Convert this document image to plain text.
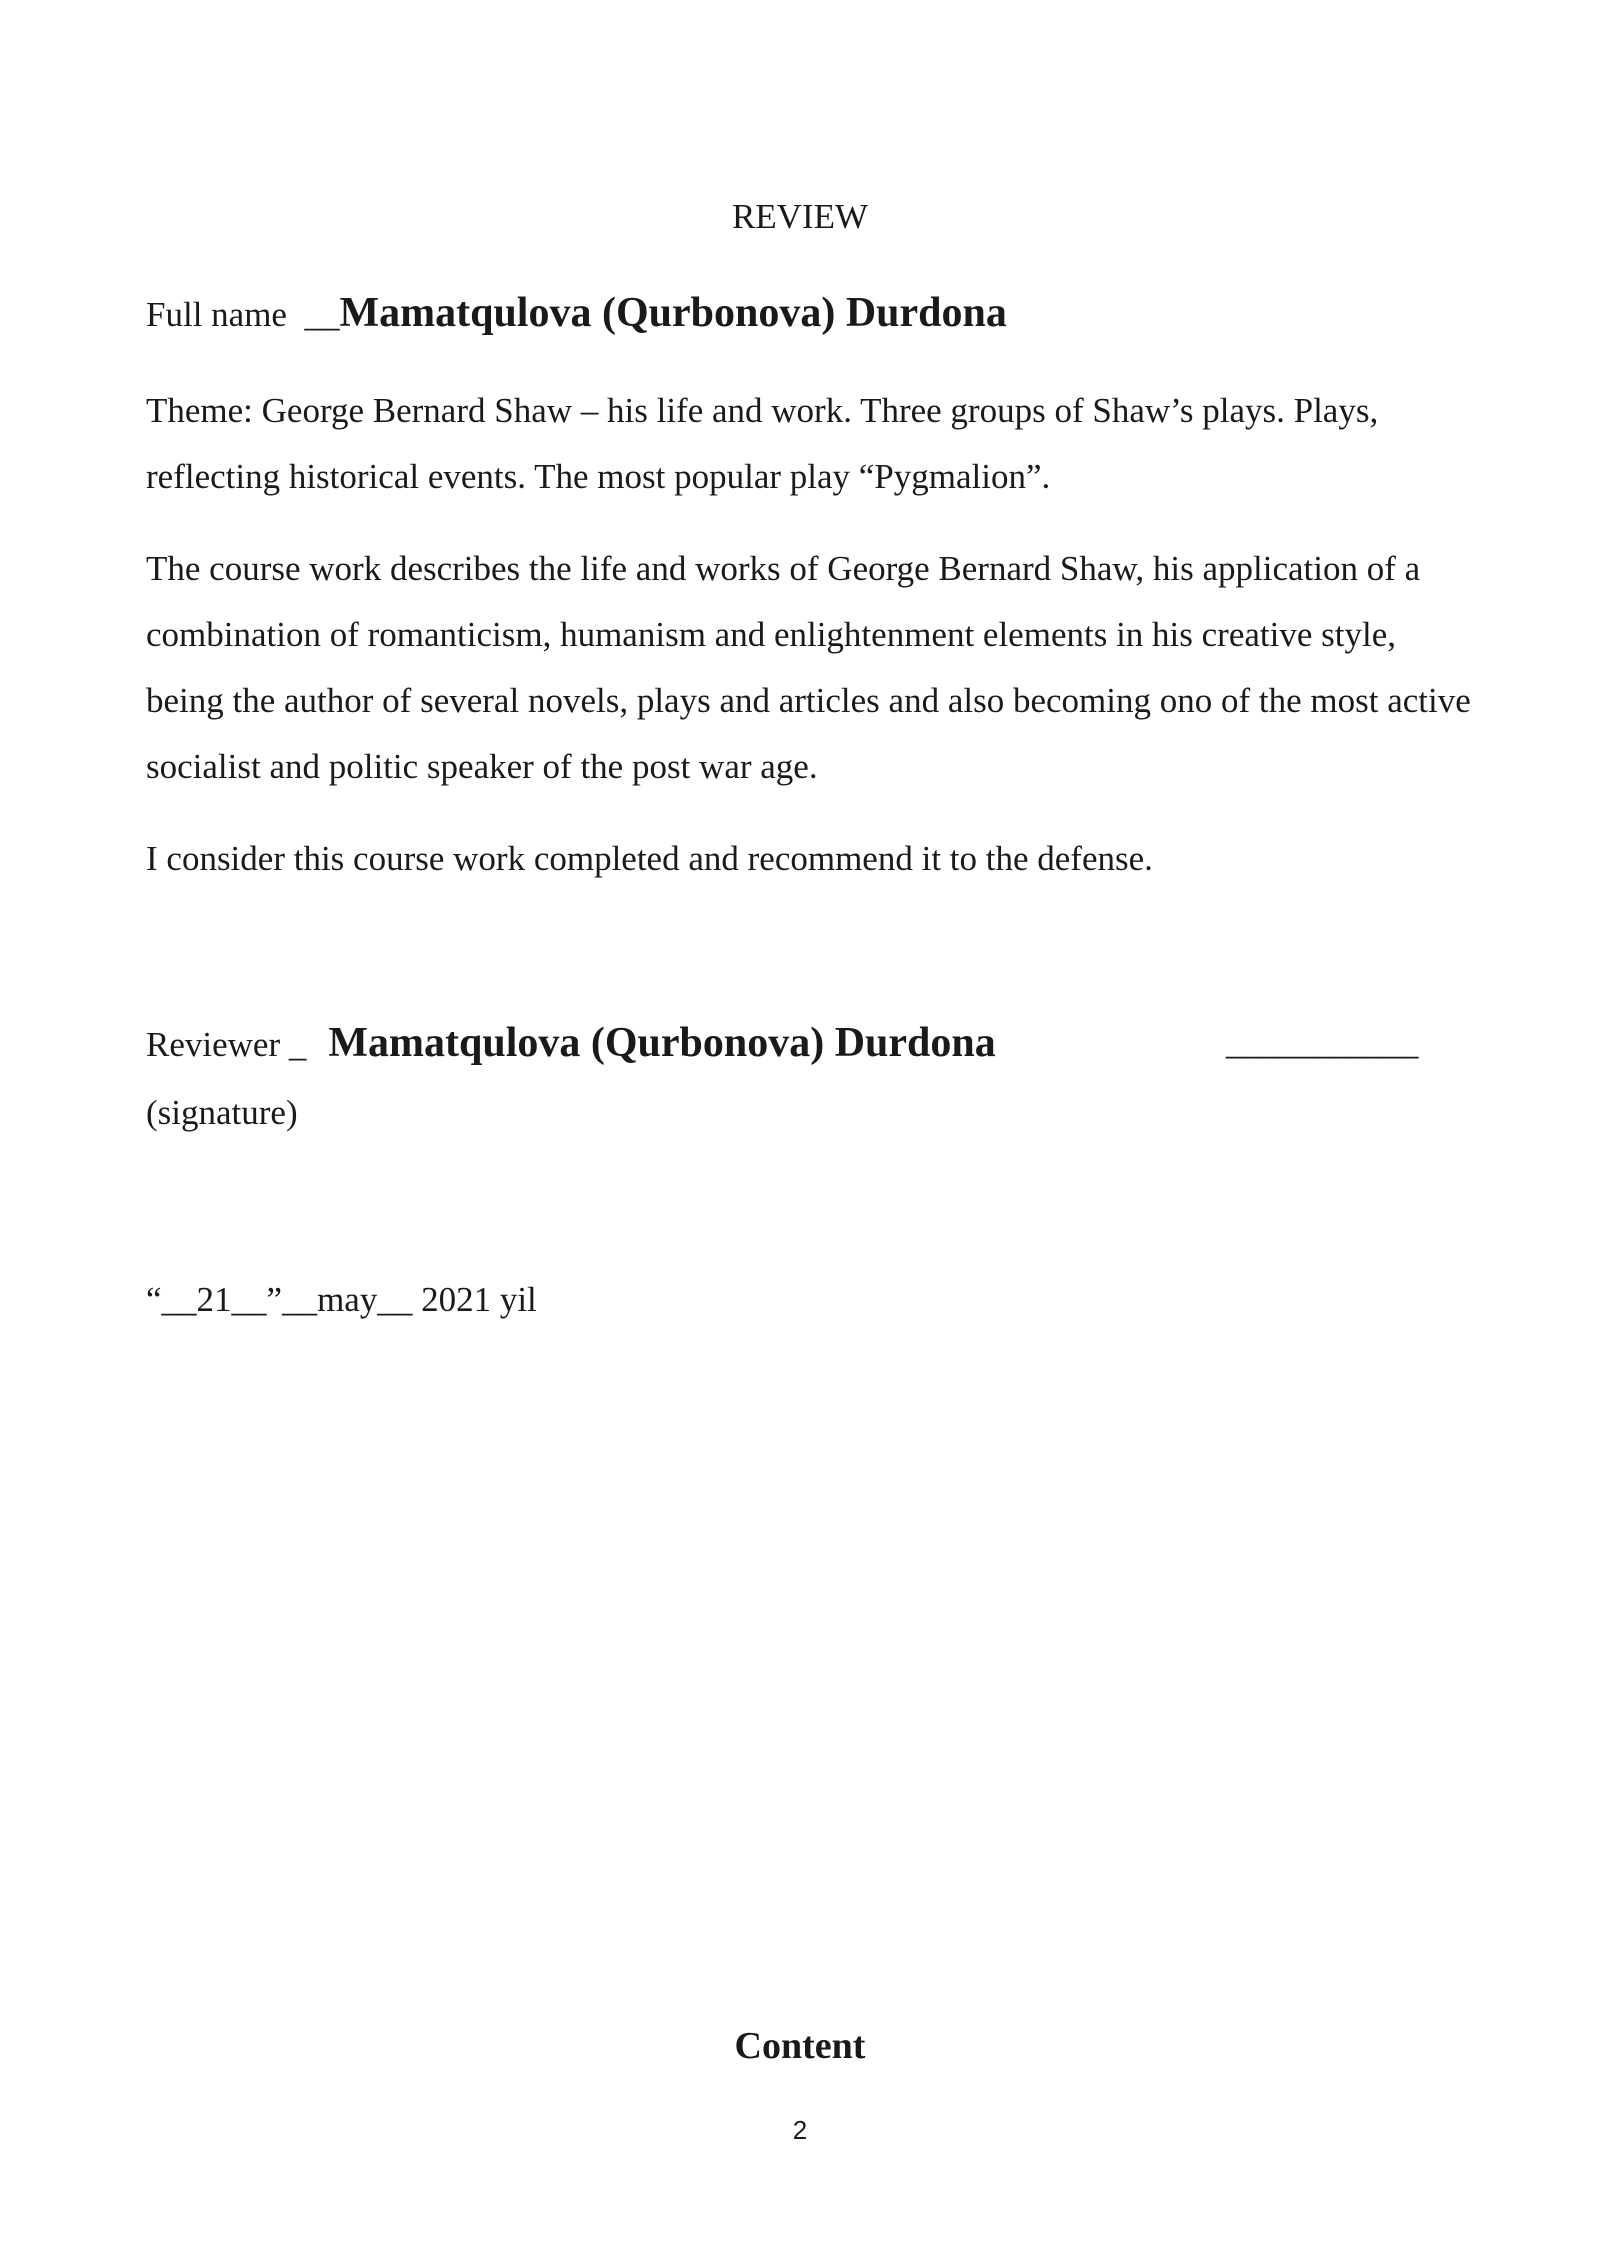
REVIEW
Full name __Mamatqulova (Qurbonova) Durdona

Theme: George Bernard Shaw – his life and work. Three groups of Shaw’s plays. Plays, reflecting historical events. The most popular play “Pygmalion”.

The course work describes the life and works of George Bernard Shaw, his application of a combination of romanticism, humanism and enlightenment elements in his creative style, being the author of several novels, plays and articles and also becoming ono of the most active socialist and politic speaker of the post war age.

I consider this course work completed and recommend it to the defense.

Reviewer _ Mamatqulova (Qurbonova) Durdona	___________
(signature)
“__21__”__may__ 2021 yil
Content
2
